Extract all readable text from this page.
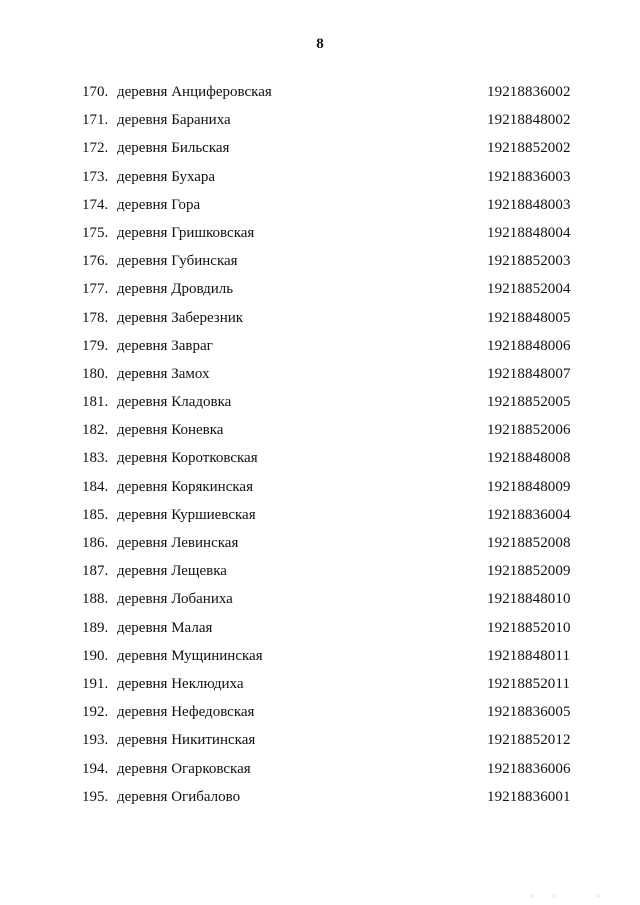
8
170. деревня Анциферовская	19218836002
171. деревня Бараниха	19218848002
172. деревня Бильская	19218852002
173. деревня Бухара	19218836003
174. деревня Гора	19218848003
175. деревня Гришковская	19218848004
176. деревня Губинская	19218852003
177. деревня Дровдиль	19218852004
178. деревня Заберезник	19218848005
179. деревня Завраг	19218848006
180. деревня Замох	19218848007
181. деревня Кладовка	19218852005
182. деревня Коневка	19218852006
183. деревня Коротковская	19218848008
184. деревня Корякинская	19218848009
185. деревня Куршиевская	19218836004
186. деревня Левинская	19218852008
187. деревня Лещевка	19218852009
188. деревня Лобаниха	19218848010
189. деревня Малая	19218852010
190. деревня Мущининская	19218848011
191. деревня Неклюдиха	19218852011
192. деревня Нефедовская	19218836005
193. деревня Никитинская	19218852012
194. деревня Огарковская	19218836006
195. деревня Огибалово	19218836001
·· ·
